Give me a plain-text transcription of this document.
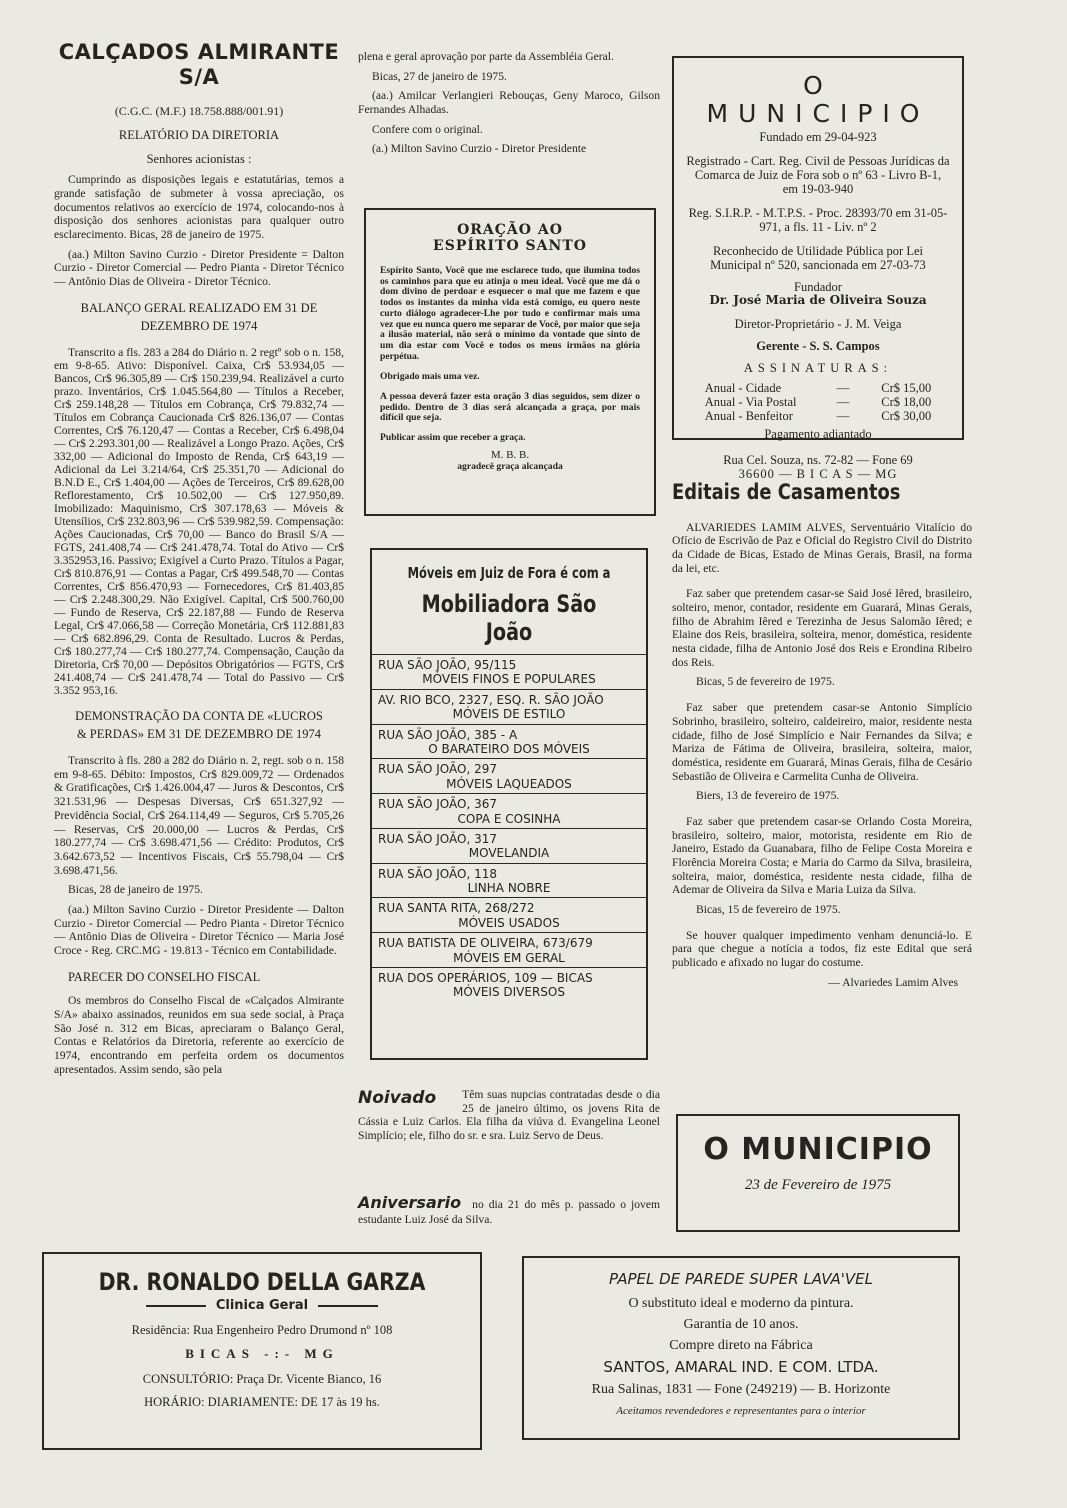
CALÇADOS ALMIRANTE S/A
(C.G.C. (M.F.) 18.758.888/001.91)
RELATÓRIO DA DIRETORIA
Senhores acionistas :

Cumprindo as disposições legais e estatutárias, temos a grande satisfação de submeter à vossa apreciação, os documentos relativos ao exercício de 1974, colocando-nos à disposição dos senhores acionistas para qualquer outro esclarecimento. Bicas, 28 de janeiro de 1975.

(aa.) Milton Savino Curzio - Diretor Presidente = Dalton Curzio - Diretor Comercial — Pedro Pianta - Diretor Técnico — Antônio Dias de Oliveira - Diretor Técnico.

BALANÇO GERAL REALIZADO EM 31 DE DEZEMBRO DE 1974

Transcrito a fls. 283 a 284 do Diário n. 2 regtº sob o n. 158, em 9-8-65. Ativo: Disponível. Caixa, Cr$ 53.934,05 — Bancos, Cr$ 96.305,89 — Cr$ 150.239,94. Realizável a curto prazo. Inventários, Cr$ 1.045.564,80 — Títulos a Receber, Cr$ 259.148,28 — Títulos em Cobrança, Cr$ 79.832,74 — Títulos em Cobrança Caucionada Cr$ 826.136,07 — Contas Correntes, Cr$ 76.120,47 — Contas a Receber, Cr$ 6.498,04 — Cr$ 2.293.301,00 — Realizável a Longo Prazo. Ações, Cr$ 332,00 — Adicional do Imposto de Renda, Cr$ 643,19 — Adicional da Lei 3.214/64, Cr$ 25.351,70 — Adicional do B.N.D E., Cr$ 1.404,00 — Ações de Terceiros, Cr$ 89.628,00 Reflorestamento, Cr$ 10.502,00 — Cr$ 127.950,89. Imobilizado: Maquinismo, Cr$ 307.178,63 — Móveis & Utensílios, Cr$ 232.803,96 — Cr$ 539.982,59. Compensação: Ações Caucionadas, Cr$ 70,00 — Banco do Brasil S/A — FGTS, 241.408,74 — Cr$ 241.478,74. Total do Ativo — Cr$ 3.352953,16. Passivo; Exigível a Curto Prazo. Títulos a Pagar, Cr$ 810.876,91 — Contas a Pagar, Cr$ 499.548,70 — Contas Correntes, Cr$ 856.470,93 — Fornecedores, Cr$ 81.403,85 — Cr$ 2.248.300,29. Não Exigível. Capital, Cr$ 500.760,00 — Fundo de Reserva, Cr$ 22.187,88 — Fundo de Reserva Legal, Cr$ 47.066,58 — Correção Monetária, Cr$ 112.881,83 — Cr$ 682.896,29. Conta de Resultado. Lucros & Perdas, Cr$ 180.277,74 — Cr$ 180.277,74. Compensação, Caução da Diretoria, Cr$ 70,00 — Depósitos Obrigatórios — FGTS, Cr$ 241.408,74 — Cr$ 241.478,74 — Total do Passivo — Cr$ 3.352 953,16.

DEMONSTRAÇÃO DA CONTA DE «LUCROS & PERDAS» EM 31 DE DEZEMBRO DE 1974

Transcrito à fls. 280 a 282 do Diário n. 2, regt. sob o n. 158 em 9-8-65. Débito: Impostos, Cr$ 829.009,72 — Ordenados & Gratificações, Cr$ 1.426.004,47 — Juros & Descontos, Cr$ 321.531,96 — Despesas Diversas, Cr$ 651.327,92 — Previdência Social, Cr$ 264.114,49 — Seguros, Cr$ 5.705,26 — Reservas, Cr$ 20.000,00 — Lucros & Perdas, Cr$ 180.277,74 — Cr$ 3.698.471,56 — Crédito: Produtos, Cr$ 3.642.673,52 — Incentivos Fiscais, Cr$ 55.798,04 — Cr$ 3.698.471,56.

Bicas, 28 de janeiro de 1975.

(aa.) Milton Savino Curzio - Diretor Presidente — Dalton Curzio - Diretor Comercial — Pedro Pianta - Diretor Técnico — Antônio Dias de Oliveira - Diretor Técnico — Maria José Croce - Reg. CRC.MG - 19.813 - Técnico em Contabilidade.

PARECER DO CONSELHO FISCAL

Os membros do Conselho Fiscal de «Calçados Almirante S/A» abaixo assinados, reunidos em sua sede social, à Praça São José n. 312 em Bicas, apreciaram o Balanço Geral, Contas e Relatórios da Diretoria, referente ao exercício de 1974, encontrando em perfeita ordem os documentos apresentados. Assim sendo, são pela

plena e geral aprovação por parte da Assembléia Geral.

Bicas, 27 de janeiro de 1975.

(aa.) Amilcar Verlangieri Rebouças, Geny Maroco, Gilson Fernandes Alhadas.

Confere com o original.

(a.) Milton Savino Curzio - Diretor Presidente

ORAÇÃO AO
ESPÍRITO SANTO
Espírito Santo, Você que me esclarece tudo, que ilumina todos os caminhos para que eu atinja o meu ideal. Você que me dá o dom divino de perdoar e esquecer o mal que me fazem e que todos os instantes da minha vida está comigo, eu quero neste curto diálogo agradecer-Lhe por tudo e confirmar mais uma vez que eu nunca quero me separar de Você, por maior que seja a ilusão material, não será o mínimo da vontade que sinto de um dia estar com Você e todos os meus irmãos na glória perpétua.
Obrigado mais uma vez.
A pessoa deverá fazer esta oração 3 dias seguidos, sem dizer o pedido. Dentro de 3 dias será alcançada a graça, por mais difícil que seja.
Publicar assim que receber a graça.
M. B. B.
agradecê graça alcançada
Móveis em Juiz de Fora é com a
Mobiliadora São João
RUA SÃO JOÃO, 95/115
MÓVEIS FINOS E POPULARES
AV. RIO BCO, 2327, ESQ. R. SÃO JOÃO
MÓVEIS DE ESTILO
RUA SÃO JOÃO, 385 - A
O BARATEIRO DOS MÓVEIS
RUA SÃO JOÃO, 297
MÓVEIS LAQUEADOS
RUA SÃO JOÃO, 367
COPA E COSINHA
RUA SÃO JOÃO, 317
MOVELANDIA
RUA SÃO JOÃO, 118
LINHA NOBRE
RUA SANTA RITA, 268/272
MÓVEIS USADOS
RUA BATISTA DE OLIVEIRA, 673/679
MÓVEIS EM GERAL
RUA DOS OPERÁRIOS, 109 — BICAS
MÓVEIS DIVERSOS
Noivado Têm suas nupcias contratadas desde o dia 25 de janeiro último, os jovens Rita de Cássia e Luiz Carlos. Ela filha da viúva d. Evangelina Leonel Simplício; ele, filho do sr. e sra. Luiz Servo de Deus.
Aniversario no dia 21 do mês p. passado o jovem estudante Luiz José da Silva.
O MUNICIPIO
Fundado em 29-04-923
Registrado - Cart. Reg. Civil de Pessoas Jurídicas da Comarca de Juiz de Fora sob o nº 63 - Livro B-1, em 19-03-940
Reg. S.I.R.P. - M.T.P.S. - Proc. 28393/70 em 31-05-971, a fls. 11 - Liv. nº 2
Reconhecido de Utilidade Pública por Lei Municipal nº 520, sancionada em 27-03-73
Fundador
Dr. José Maria de Oliveira Souza
Diretor-Proprietário - J. M. Veiga
Gerente - S. S. Campos
ASSINATURAS:
Anual - Cidade	—	Cr$ 15,00
Anual - Via Postal	—	Cr$ 18,00
Anual - Benfeitor	—	Cr$ 30,00
Pagamento adiantado
Rua Cel. Souza, ns. 72-82 — Fone 69
36600 — B I C A S — MG
Editais de Casamentos

ALVARIEDES LAMIM ALVES, Serventuário Vitalício do Ofício de Escrivão de Paz e Oficial do Registro Civil do Distrito da Cidade de Bicas, Estado de Minas Gerais, Brasil, na forma da lei, etc.

Faz saber que pretendem casar-se Said José Iêred, brasileiro, solteiro, menor, contador, residente em Guarará, Minas Gerais, filho de Abrahim Iêred e Terezinha de Jesus Salomão Iêred; e Elaine dos Reis, brasileira, solteira, menor, doméstica, residente nesta cidade, filha de Antonio José dos Reis e Erondina Ribeiro dos Reis.

Bicas, 5 de fevereiro de 1975.

Faz saber que pretendem casar-se Antonio Simplício Sobrinho, brasileiro, solteiro, caldeireiro, maior, residente nesta cidade, filho de José Simplício e Nair Fernandes da Silva; e Mariza de Fátima de Oliveira, brasileira, solteira, maior, doméstica, residente em Guarará, Minas Gerais, filha de Cesário Sebastião de Oliveira e Carmelita Cunha de Oliveira.

Biers, 13 de fevereiro de 1975.

Faz saber que pretendem casar-se Orlando Costa Moreira, brasileiro, solteiro, maior, motorista, residente em Rio de Janeiro, Estado da Guanabara, filho de Felipe Costa Moreira e Florência Moreira Costa; e Maria do Carmo da Silva, brasileira, solteira, maior, doméstica, residente nesta cidade, filha de Ademar de Oliveira da Silva e Maria Luiza da Silva.

Bicas, 15 de fevereiro de 1975.

Se houver qualquer impedimento venham denunciá-lo. E para que chegue a notícia a todos, fiz este Edital que será publicado e afixado no lugar do costume.

— Alvariedes Lamim Alves
O MUNICIPIO
23 de Fevereiro de 1975
DR. RONALDO DELLA GARZA
Clinica Geral
Residência: Rua Engenheiro Pedro Drumond nº 108
BICAS -:- MG
CONSULTÓRIO: Praça Dr. Vicente Bianco, 16
HORÁRIO: DIARIAMENTE: DE 17 às 19 hs.
PAPEL DE PAREDE SUPER LAVA'VEL
O substituto ideal e moderno da pintura.
Garantia de 10 anos.
Compre direto na Fábrica
SANTOS, AMARAL IND. E COM. LTDA.
Rua Salinas, 1831 — Fone (249219) — B. Horizonte
Aceitamos revendedores e representantes para o interior
